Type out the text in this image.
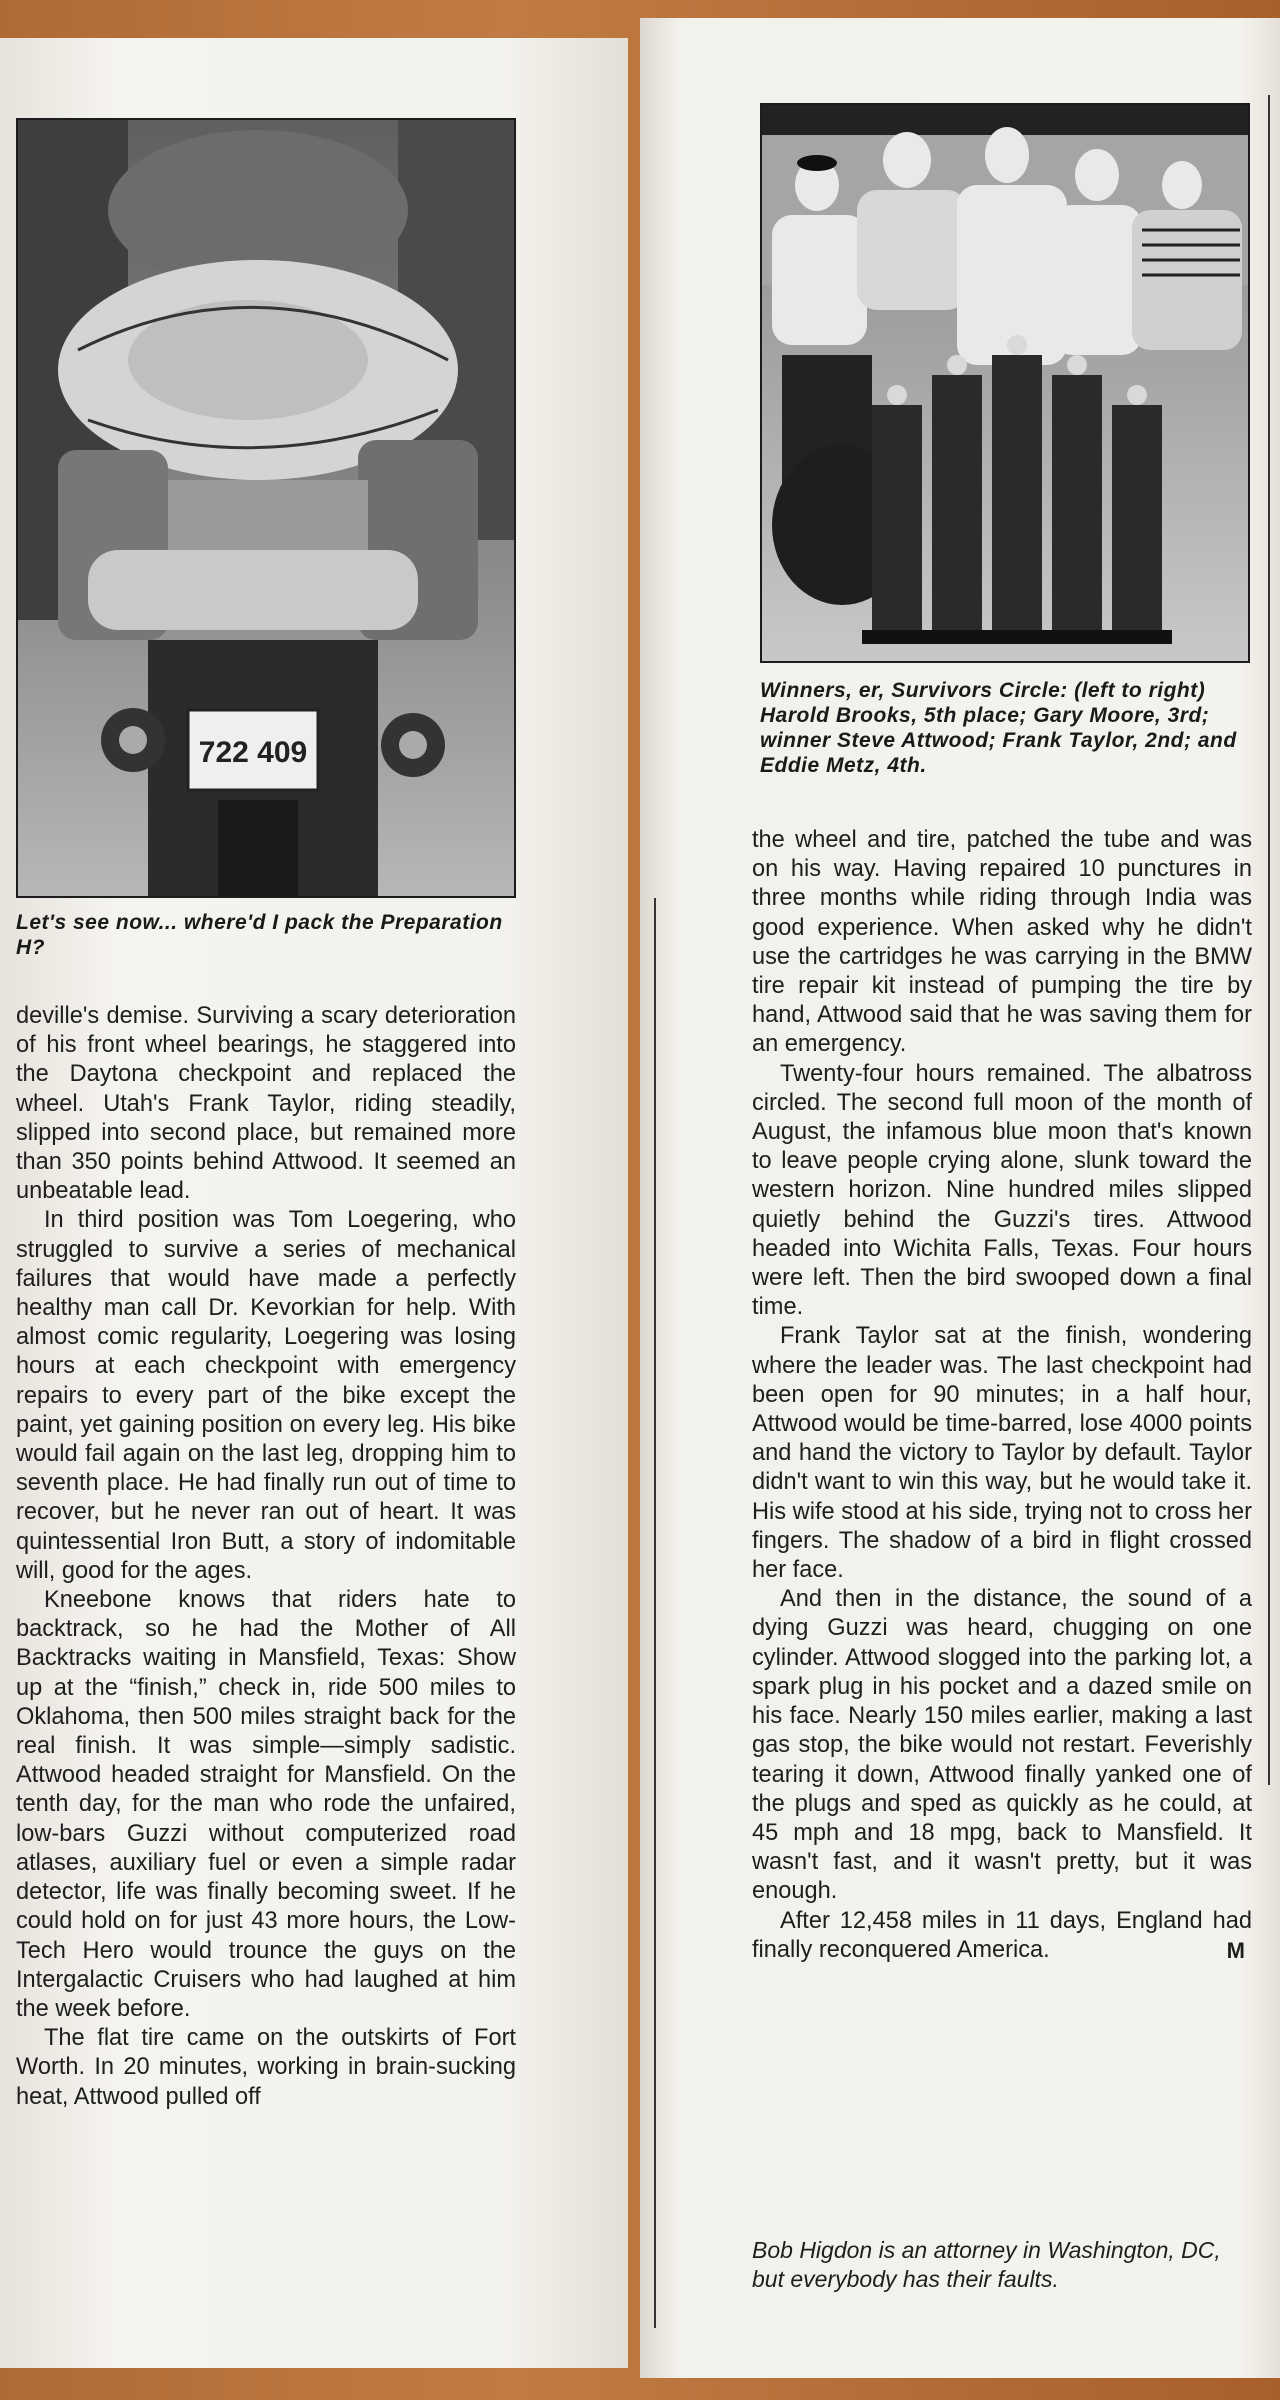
722 409
Let's see now... where'd I pack the Preparation H?

deville's demise. Surviving a scary deterioration of his front wheel bearings, he staggered into the Daytona checkpoint and replaced the wheel. Utah's Frank Taylor, riding steadily, slipped into second place, but remained more than 350 points behind Attwood. It seemed an unbeatable lead.

In third position was Tom Loegering, who struggled to survive a series of mechanical failures that would have made a perfectly healthy man call Dr. Kevorkian for help. With almost comic regularity, Loegering was losing hours at each checkpoint with emergency repairs to every part of the bike except the paint, yet gaining position on every leg. His bike would fail again on the last leg, dropping him to seventh place. He had finally run out of time to recover, but he never ran out of heart. It was quintessential Iron Butt, a story of indomitable will, good for the ages.

Kneebone knows that riders hate to backtrack, so he had the Mother of All Backtracks waiting in Mansfield, Texas: Show up at the “finish,” check in, ride 500 miles to Oklahoma, then 500 miles straight back for the real finish. It was simple—simply sadistic. Attwood headed straight for Mansfield. On the tenth day, for the man who rode the unfaired, low-bars Guzzi without computerized road atlases, auxiliary fuel or even a simple radar detector, life was finally becoming sweet. If he could hold on for just 43 more hours, the Low-Tech Hero would trounce the guys on the Intergalactic Cruisers who had laughed at him the week before.

The flat tire came on the outskirts of Fort Worth. In 20 minutes, working in brain-sucking heat, Attwood pulled off

Winners, er, Survivors Circle: (left to right) Harold Brooks, 5th place; Gary Moore, 3rd; winner Steve Attwood; Frank Taylor, 2nd; and Eddie Metz, 4th.

the wheel and tire, patched the tube and was on his way. Having repaired 10 punctures in three months while riding through India was good experience. When asked why he didn't use the cartridges he was carrying in the BMW tire repair kit instead of pumping the tire by hand, Attwood said that he was saving them for an emergency.

Twenty-four hours remained. The albatross circled. The second full moon of the month of August, the infamous blue moon that's known to leave people crying alone, slunk toward the western horizon. Nine hundred miles slipped quietly behind the Guzzi's tires. Attwood headed into Wichita Falls, Texas. Four hours were left. Then the bird swooped down a final time.

Frank Taylor sat at the finish, wondering where the leader was. The last checkpoint had been open for 90 minutes; in a half hour, Attwood would be time-barred, lose 4000 points and hand the victory to Taylor by default. Taylor didn't want to win this way, but he would take it. His wife stood at his side, trying not to cross her fingers. The shadow of a bird in flight crossed her face.

And then in the distance, the sound of a dying Guzzi was heard, chugging on one cylinder. Attwood slogged into the parking lot, a spark plug in his pocket and a dazed smile on his face. Nearly 150 miles earlier, making a last gas stop, the bike would not restart. Feverishly tearing it down, Attwood finally yanked one of the plugs and sped as quickly as he could, at 45 mph and 18 mpg, back to Mansfield. It wasn't fast, and it wasn't pretty, but it was enough.

After 12,458 miles in 11 days, England had finally reconquered America.	M

Bob Higdon is an attorney in Washington, DC, but everybody has their faults.
